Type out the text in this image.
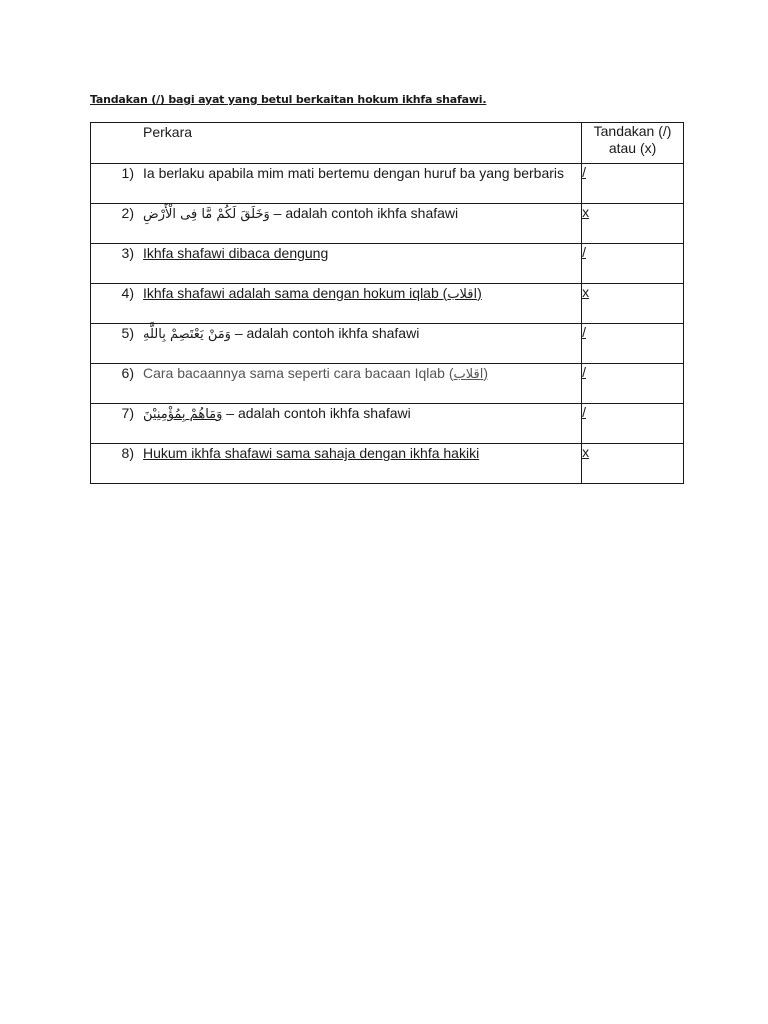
Tandakan (/) bagi ayat yang betul berkaitan hokum ikhfa shafawi.
Perkara	Tandakan (/)
atau (x)

1) Ia berlaku apabila mim mati bertemu dengan huruf ba yang berbaris	/

2) وَخَلَقَ لَكُمْ مَّا فِى الْأَرْضِ – adalah contoh ikhfa shafawi	x

3) Ikhfa shafawi dibaca dengung	/

4) Ikhfa shafawi adalah sama dengan hokum iqlab (اقلاب)	x

5) وَمَنْ يَعْتَصِمْ بِاللَّهِ – adalah contoh ikhfa shafawi	/

6) Cara bacaannya sama seperti cara bacaan Iqlab (اقلاب)	/

7) وَمَاهُمْ بِمُؤْمِنِيْنَ – adalah contoh ikhfa shafawi	/

8) Hukum ikhfa shafawi sama sahaja dengan ikhfa hakiki	x
